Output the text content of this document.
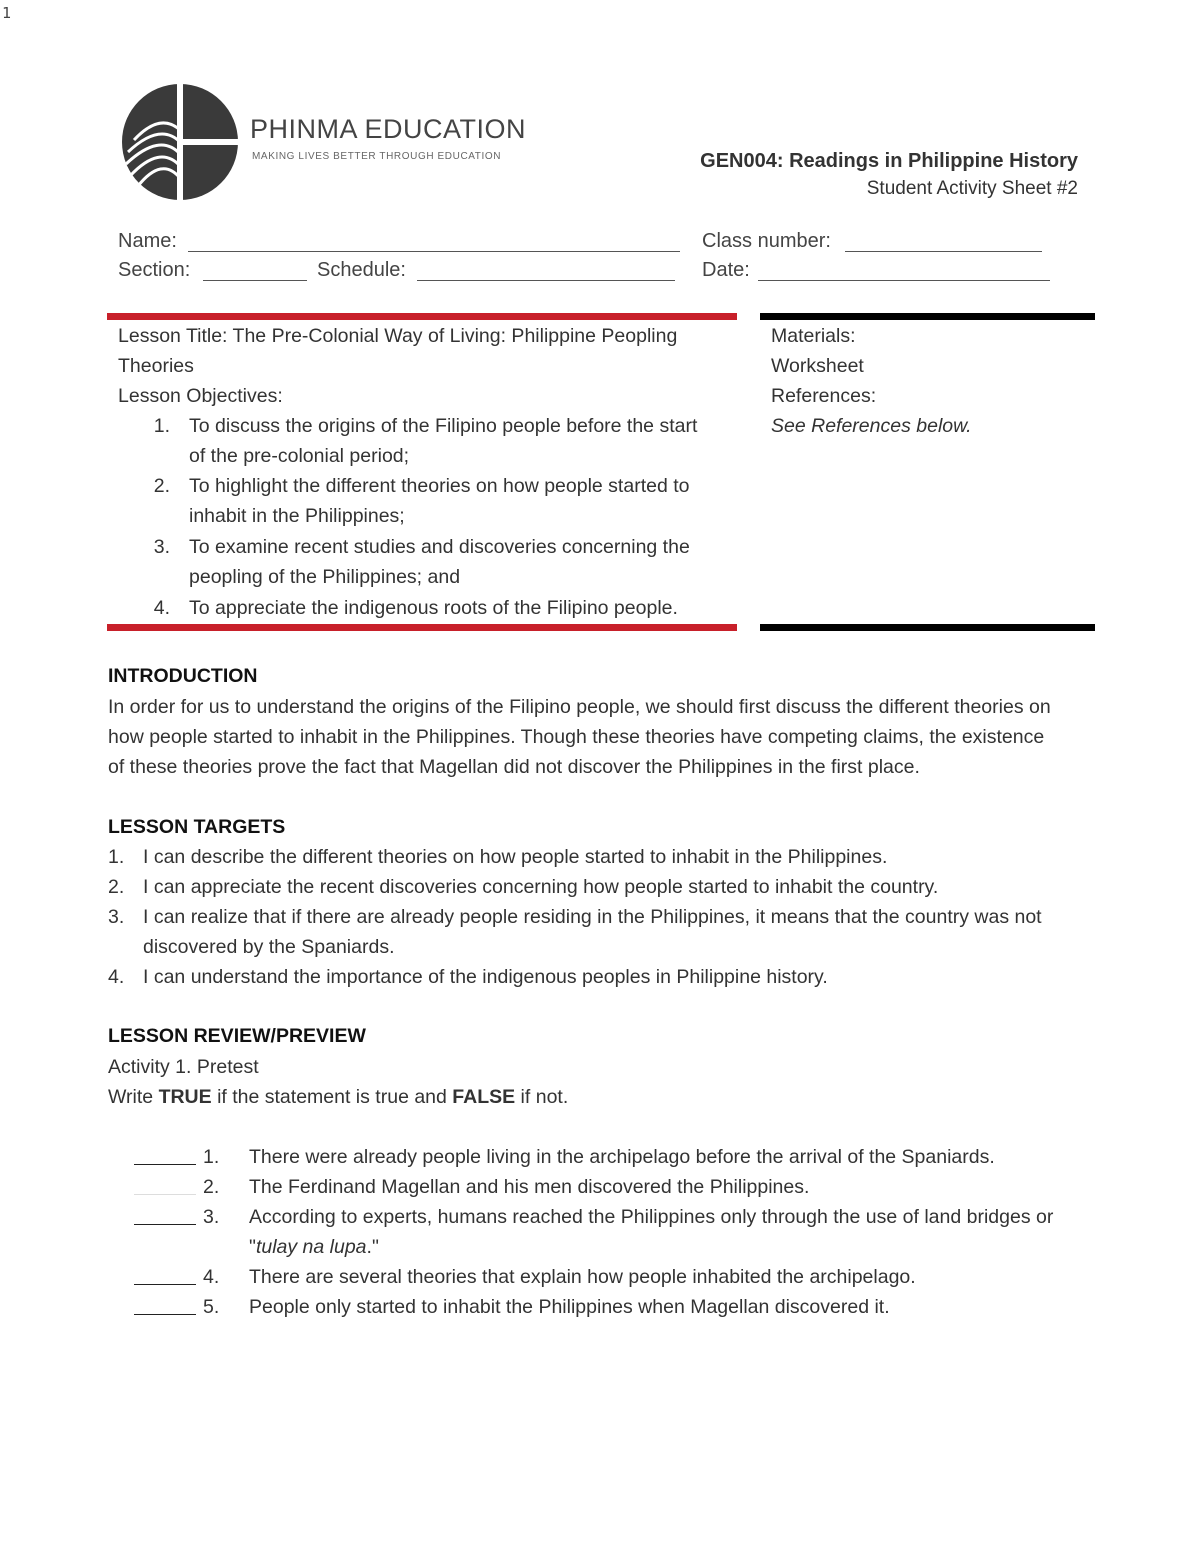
1
PHINMA EDUCATION
MAKING LIVES BETTER THROUGH EDUCATION	GEN004: Readings in Philippine History
Student Activity Sheet #2
Name:
Section:	Schedule:
Class number:
Date:
Lesson Title: The Pre-Colonial Way of Living: Philippine Peopling
Theories
Lesson Objectives:
1. To discuss the origins of the Filipino people before the start
of the pre-colonial period;
2. To highlight the different theories on how people started to
inhabit in the Philippines;
3. To examine recent studies and discoveries concerning the
peopling of the Philippines; and
4. To appreciate the indigenous roots of the Filipino people.
Materials:
Worksheet
References:
See References below.
INTRODUCTION
In order for us to understand the origins of the Filipino people, we should first discuss the different theories on
how people started to inhabit in the Philippines. Though these theories have competing claims, the existence
of these theories prove the fact that Magellan did not discover the Philippines in the first place.
LESSON TARGETS
1. I can describe the different theories on how people started to inhabit in the Philippines.
2. I can appreciate the recent discoveries concerning how people started to inhabit the country.
3. I can realize that if there are already people residing in the Philippines, it means that the country was not
discovered by the Spaniards.
4. I can understand the importance of the indigenous peoples in Philippine history.
LESSON REVIEW/PREVIEW
Activity 1. Pretest
Write TRUE if the statement is true and FALSE if not.
1. There were already people living in the archipelago before the arrival of the Spaniards.
2. The Ferdinand Magellan and his men discovered the Philippines.
3. According to experts, humans reached the Philippines only through the use of land bridges or
"tulay na lupa."
4. There are several theories that explain how people inhabited the archipelago.
5. People only started to inhabit the Philippines when Magellan discovered it.
